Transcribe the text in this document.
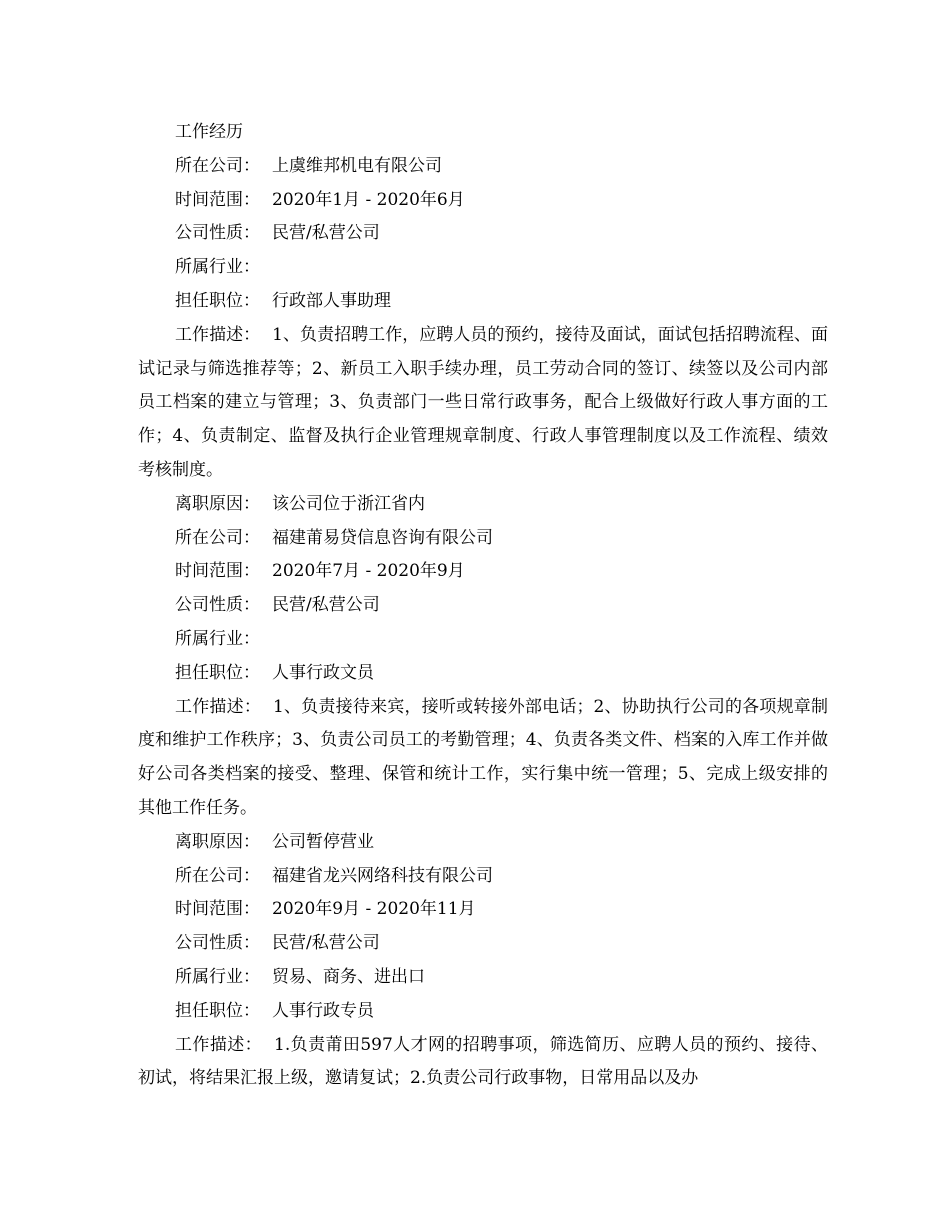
工作经历
所在公司： 上虞维邦机电有限公司
时间范围： 2020年1月 - 2020年6月
公司性质： 民营/私营公司
所属行业：
担任职位： 行政部人事助理
工作描述： 1、负责招聘工作，应聘人员的预约，接待及面试，面试包括招聘流程、面试记录与筛选推荐等；2、新员工入职手续办理，员工劳动合同的签订、续签以及公司内部员工档案的建立与管理；3、负责部门一些日常行政事务，配合上级做好行政人事方面的工作；4、负责制定、监督及执行企业管理规章制度、行政人事管理制度以及工作流程、绩效考核制度。
离职原因： 该公司位于浙江省内
所在公司： 福建莆易贷信息咨询有限公司
时间范围： 2020年7月 - 2020年9月
公司性质： 民营/私营公司
所属行业：
担任职位： 人事行政文员
工作描述： 1、负责接待来宾，接听或转接外部电话；2、协助执行公司的各项规章制度和维护工作秩序；3、负责公司员工的考勤管理；4、负责各类文件、档案的入库工作并做好公司各类档案的接受、整理、保管和统计工作，实行集中统一管理；5、完成上级安排的其他工作任务。
离职原因： 公司暂停营业
所在公司： 福建省龙兴网络科技有限公司
时间范围： 2020年9月 - 2020年11月
公司性质： 民营/私营公司
所属行业： 贸易、商务、进出口
担任职位： 人事行政专员
工作描述： 1.负责莆田597人才网的招聘事项，筛选简历、应聘人员的预约、接待、初试，将结果汇报上级，邀请复试；2.负责公司行政事物，日常用品以及办
